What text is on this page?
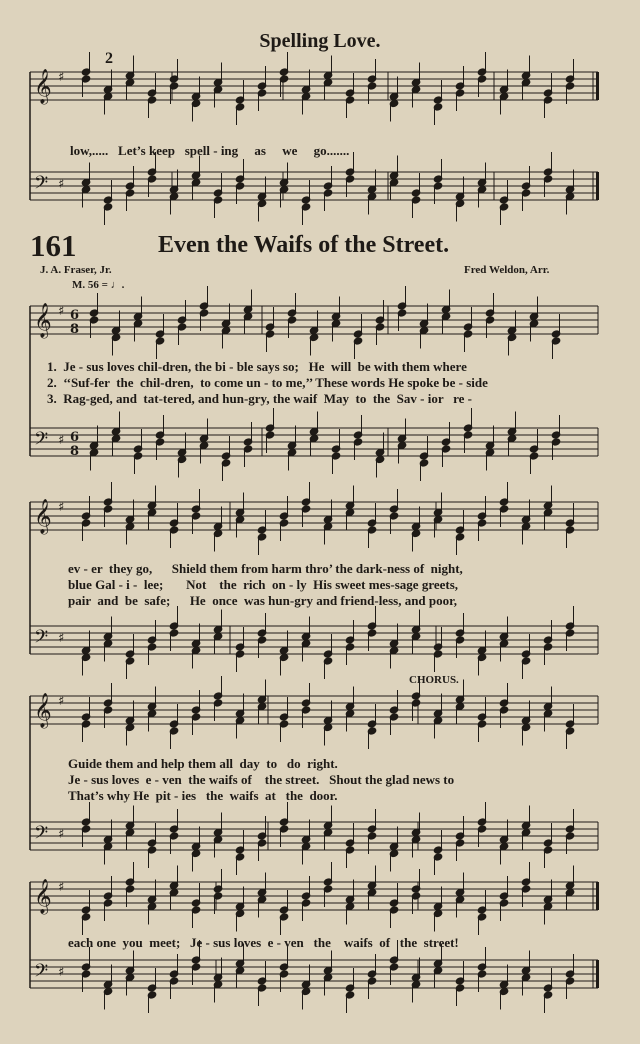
𝄞 ♯
𝄢 ♯
𝄞 ♯ 6
8
𝄢 ♯ 6
8
𝄞 ♯
𝄢 ♯
𝄞 ♯
𝄢 ♯
𝄞 ♯
𝄢 ♯
Spelling Love.
2
low,.....   Let’s keep   spell - ing     as     we     go.......
161	Even the Waifs of the Street.
J. A. Fraser, Jr.	Fred Weldon, Arr.
M. 56 = ♩.
1.  Je - sus loves chil-dren, the bi - ble says so;   He  will  be with them where
2.  ‘‘Suf-fer  the  chil-dren,  to come un - to me,’’ These words He spoke be - side
3.  Rag-ged, and  tat-tered, and hun-gry, the waif  May  to  the  Sav - ior   re -
ev - er  they go,      Shield them from harm thro’ the dark-ness of  night,
blue Gal - i -  lee;       Not    the  rich  on - ly  His sweet mes-sage greets,
pair  and  be  safe;      He  once  was hun-gry and friend-less, and poor,
CHORUS.
Guide them and help them all  day  to   do  right.
Je - sus loves  e - ven  the waifs of    the street.   Shout the glad news to
That’s why He  pit - ies   the  waifs  at   the  door.
each one  you  meet;   Je - sus loves  e - ven   the    waifs  of   the  street!
